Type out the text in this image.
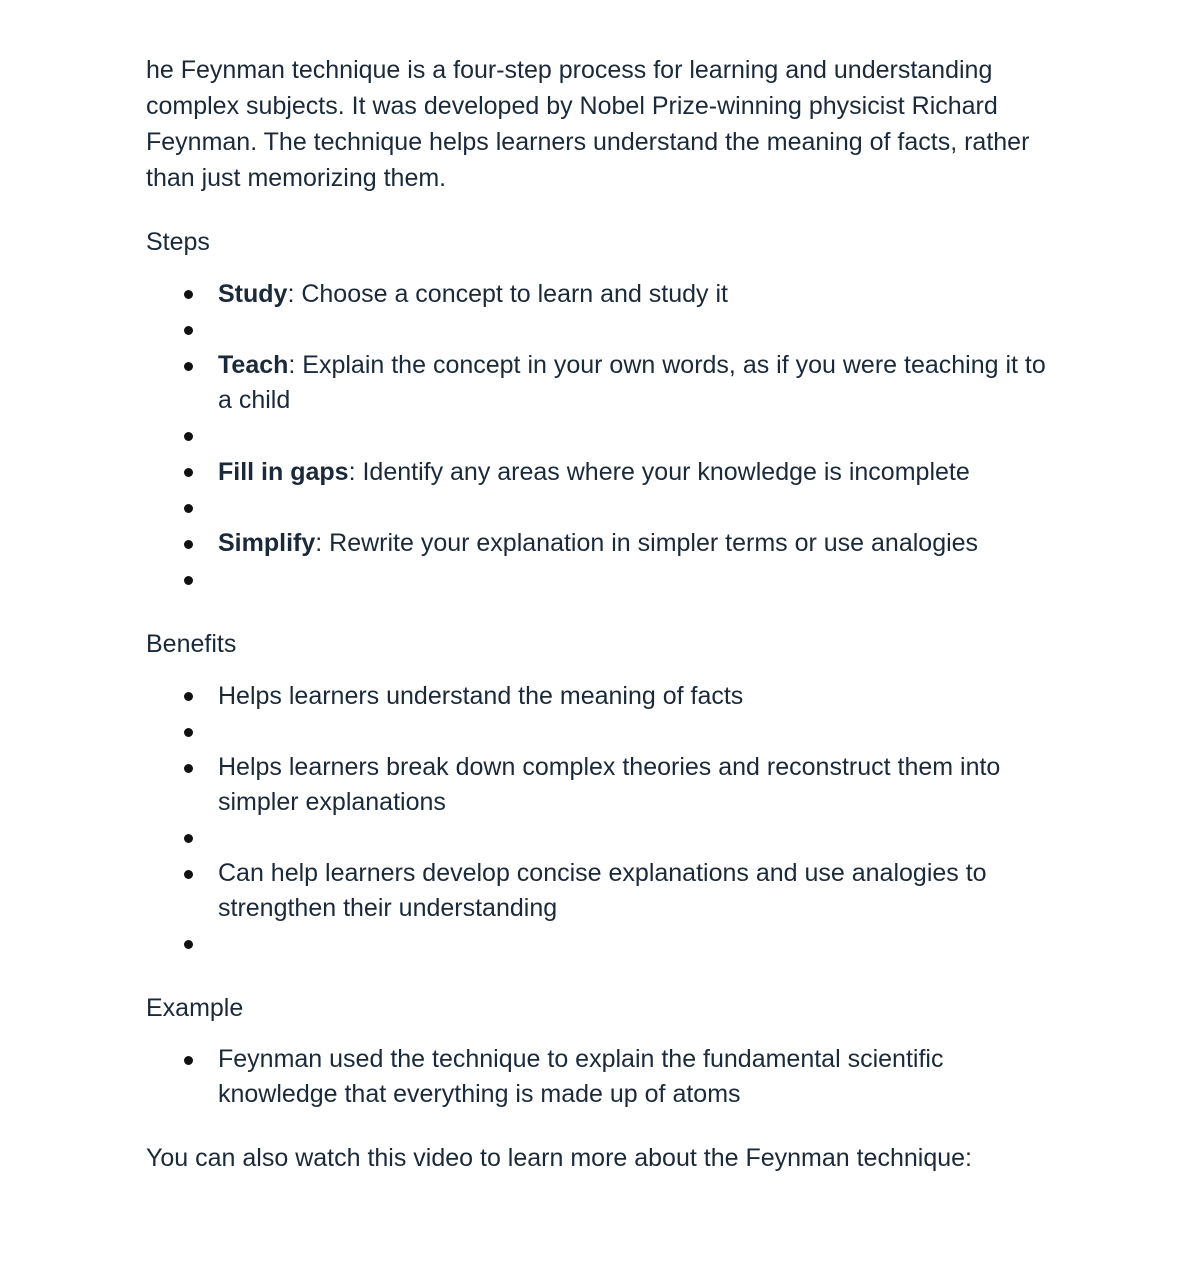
he Feynman technique is a four-step process for learning and understanding complex subjects. It was developed by Nobel Prize-winning physicist Richard Feynman. The technique helps learners understand the meaning of facts, rather than just memorizing them.

Steps

Study: Choose a concept to learn and study it
Teach: Explain the concept in your own words, as if you were teaching it to a child
Fill in gaps: Identify any areas where your knowledge is incomplete
Simplify: Rewrite your explanation in simpler terms or use analogies

Benefits

Helps learners understand the meaning of facts
Helps learners break down complex theories and reconstruct them into simpler explanations
Can help learners develop concise explanations and use analogies to strengthen their understanding

Example

Feynman used the technique to explain the fundamental scientific knowledge that everything is made up of atoms

You can also watch this video to learn more about the Feynman technique:
